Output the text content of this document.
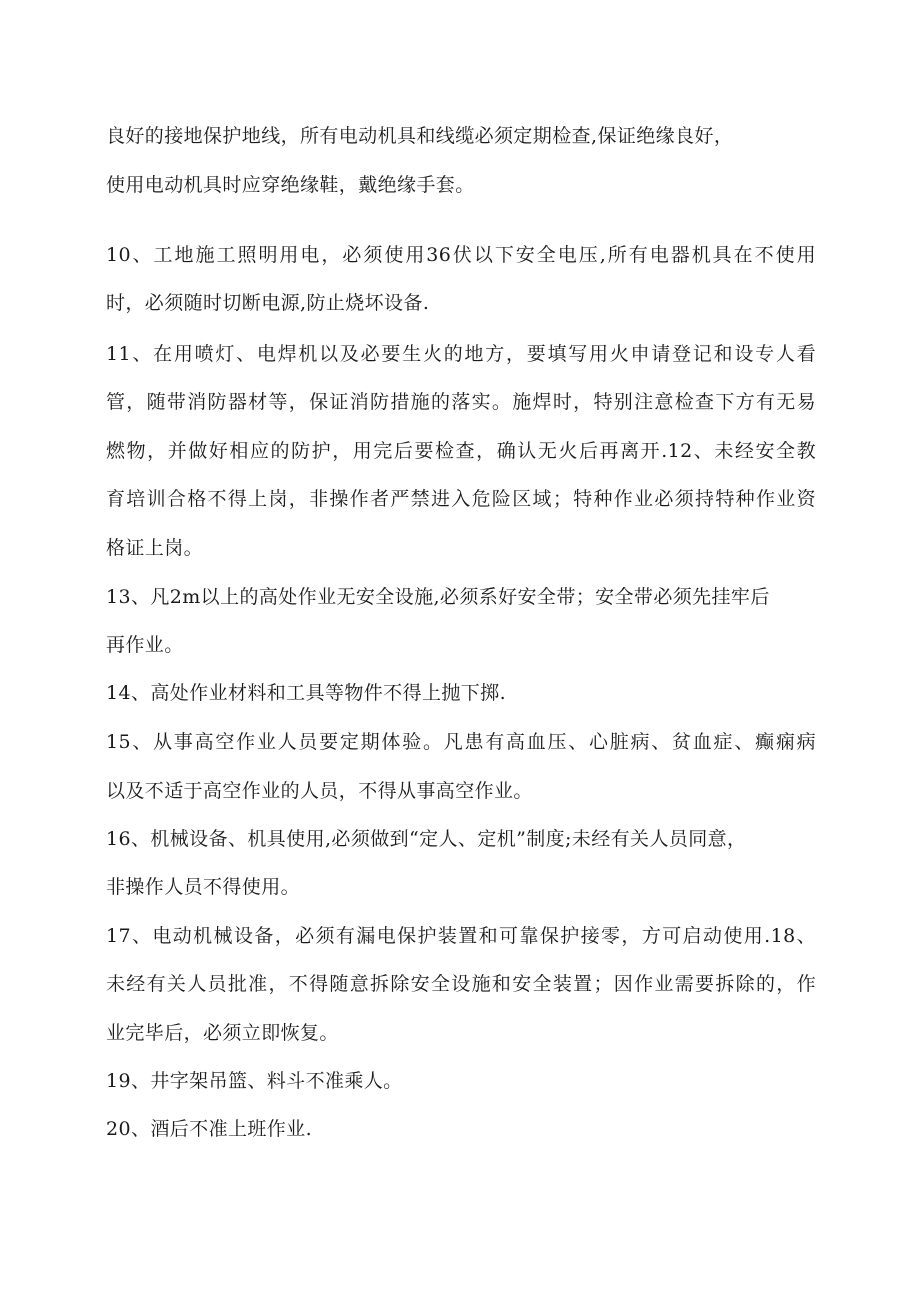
良好的接地保护地线，所有电动机具和线缆必须定期检查,保证绝缘良好，
使用电动机具时应穿绝缘鞋，戴绝缘手套。
10、工地施工照明用电，必须使用36伏以下安全电压,所有电器机具在不使用
时，必须随时切断电源,防止烧坏设备.
11、在用喷灯、电焊机以及必要生火的地方，要填写用火申请登记和设专人看
管，随带消防器材等，保证消防措施的落实。施焊时，特别注意检查下方有无易
燃物，并做好相应的防护，用完后要检查，确认无火后再离开.12、未经安全教
育培训合格不得上岗，非操作者严禁进入危险区域；特种作业必须持特种作业资
格证上岗。
13、凡2m以上的高处作业无安全设施,必须系好安全带；安全带必须先挂牢后
再作业。
14、高处作业材料和工具等物件不得上抛下掷.
15、从事高空作业人员要定期体验。凡患有高血压、心脏病、贫血症、癫痫病
以及不适于高空作业的人员，不得从事高空作业。
16、机械设备、机具使用,必须做到“定人、定机”制度;未经有关人员同意，
非操作人员不得使用。
17、电动机械设备，必须有漏电保护装置和可靠保护接零，方可启动使用.18、
未经有关人员批准，不得随意拆除安全设施和安全装置；因作业需要拆除的，作
业完毕后，必须立即恢复。
19、井字架吊篮、料斗不准乘人。
20、酒后不准上班作业.
